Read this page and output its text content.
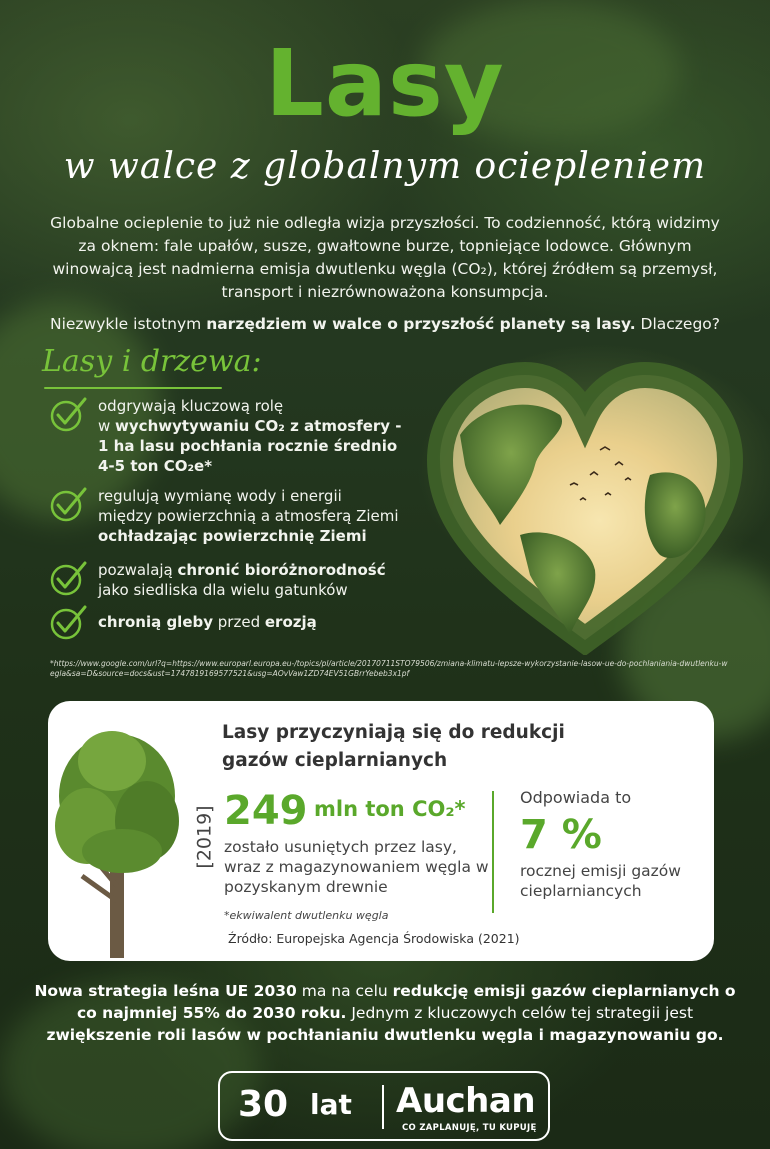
Lasy
w walce z globalnym ociepleniem
Globalne ocieplenie to już nie odległa wizja przyszłości. To codzienność, którą widzimy za oknem: fale upałów, susze, gwałtowne burze, topniejące lodowce. Głównym winowajcą jest nadmierna emisja dwutlenku węgla (CO₂), której źródłem są przemysł, transport i niezrównoważona konsumpcja.
Niezwykle istotnym narzędziem w walce o przyszłość planety są lasy. Dlaczego?
Lasy i drzewa:
odgrywają kluczową rolę
w wychwytywaniu CO₂ z atmosfery -
1 ha lasu pochłania rocznie średnio
4-5 ton CO₂e*
regulują wymianę wody i energii
między powierzchnią a atmosferą Ziemi
ochładzając powierzchnię Ziemi
pozwalają chronić bioróżnorodność
jako siedliska dla wielu gatunków
chronią gleby przed erozją
*https://www.google.com/url?q=https://www.europarl.europa.eu-/topics/pl/article/20170711STO79506/zmiana-klimatu-lepsze-wykorzystanie-lasow-ue-do-pochlaniania-dwutlenku-wegla&sa=D&source=docs&ust=1747819169577521&usg=AOvVaw1ZD74EV51GBrrYebeb3x1pf
Lasy przyczyniają się do redukcji gazów cieplarnianych
[2019] 249 mln ton CO₂*
zostało usuniętych przez lasy, wraz z magazynowaniem węgla w pozyskanym drewnie
Odpowiada to
7 %
rocznej emisji gazów cieplarniancych
*ekwiwalent dwutlenku węgla
Źródło: Europejska Agencja Środowiska (2021)
Nowa strategia leśna UE 2030 ma na celu redukcję emisji gazów cieplarnianych o co najmniej 55% do 2030 roku. Jednym z kluczowych celów tej strategii jest zwiększenie roli lasów w pochłanianiu dwutlenku węgla i magazynowaniu go.
30 lat Auchan
CO ZAPLANUJĘ, TU KUPUJĘ
